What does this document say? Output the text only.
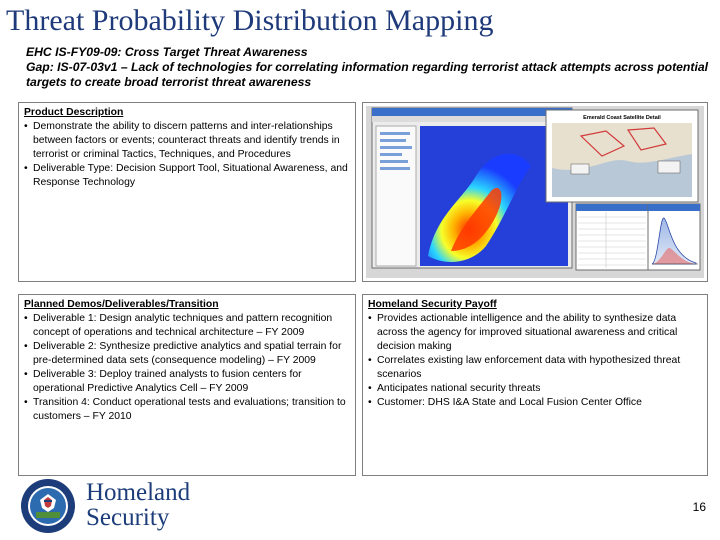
Threat Probability Distribution Mapping
EHC IS-FY09-09: Cross Target Threat Awareness
Gap: IS-07-03v1 – Lack of technologies for correlating information regarding terrorist attack attempts across potential targets to create broad terrorist threat awareness
Product Description
• Demonstrate the ability to discern patterns and inter-relationships between factors or events; counteract threats and identify trends in terrorist or criminal Tactics, Techniques, and Procedures
• Deliverable Type: Decision Support Tool, Situational Awareness, and Response Technology
Emerald Coast Satellite Detail
Planned Demos/Deliverables/Transition
• Deliverable 1: Design analytic techniques and pattern recognition concept of operations and technical architecture – FY 2009
• Deliverable 2: Synthesize predictive analytics and spatial terrain for pre-determined data sets (consequence modeling) – FY 2009
• Deliverable 3: Deploy trained analysts to fusion centers for operational Predictive Analytics Cell – FY 2009
• Transition 4: Conduct operational tests and evaluations; transition to customers – FY 2010
Homeland Security Payoff
• Provides actionable intelligence and the ability to synthesize data across the agency for improved situational awareness and critical decision making
• Correlates existing law enforcement data with hypothesized threat scenarios
• Anticipates national security threats
• Customer: DHS I&A State and Local Fusion Center Office
Homeland
Security	16
